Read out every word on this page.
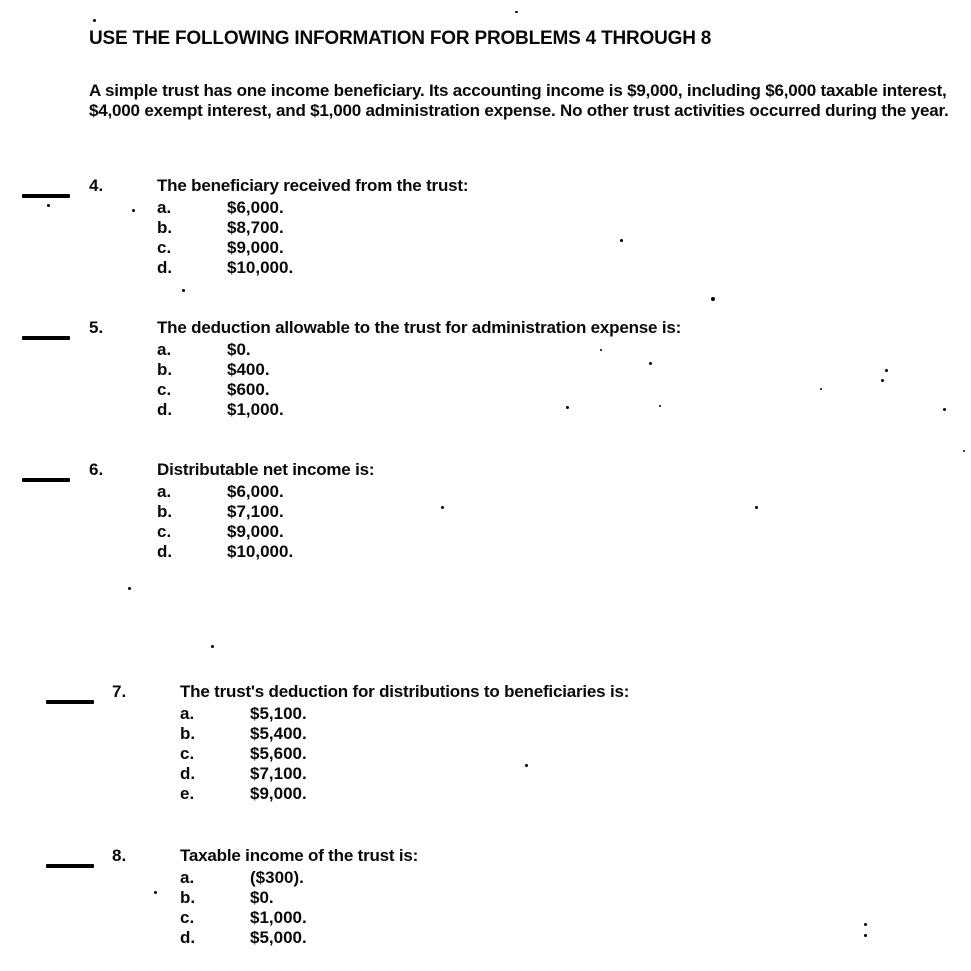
USE THE FOLLOWING INFORMATION FOR PROBLEMS 4 THROUGH 8
A simple trust has one income beneficiary. Its accounting income is $9,000, including $6,000 taxable interest, $4,000 exempt interest, and $1,000 administration expense. No other trust activities occurred during the year.
4.	The beneficiary received from the trust:
a.	$6,000.
b.	$8,700.
c.	$9,000.
d.	$10,000.
5.	The deduction allowable to the trust for administration expense is:
a.	$0.
b.	$400.
c.	$600.
d.	$1,000.
6.	Distributable net income is:
a.	$6,000.
b.	$7,100.
c.	$9,000.
d.	$10,000.
7.	The trust's deduction for distributions to beneficiaries is:
a.	$5,100.
b.	$5,400.
c.	$5,600.
d.	$7,100.
e.	$9,000.
8.	Taxable income of the trust is:
a.	($300).
b.	$0.
c.	$1,000.
d.	$5,000.
